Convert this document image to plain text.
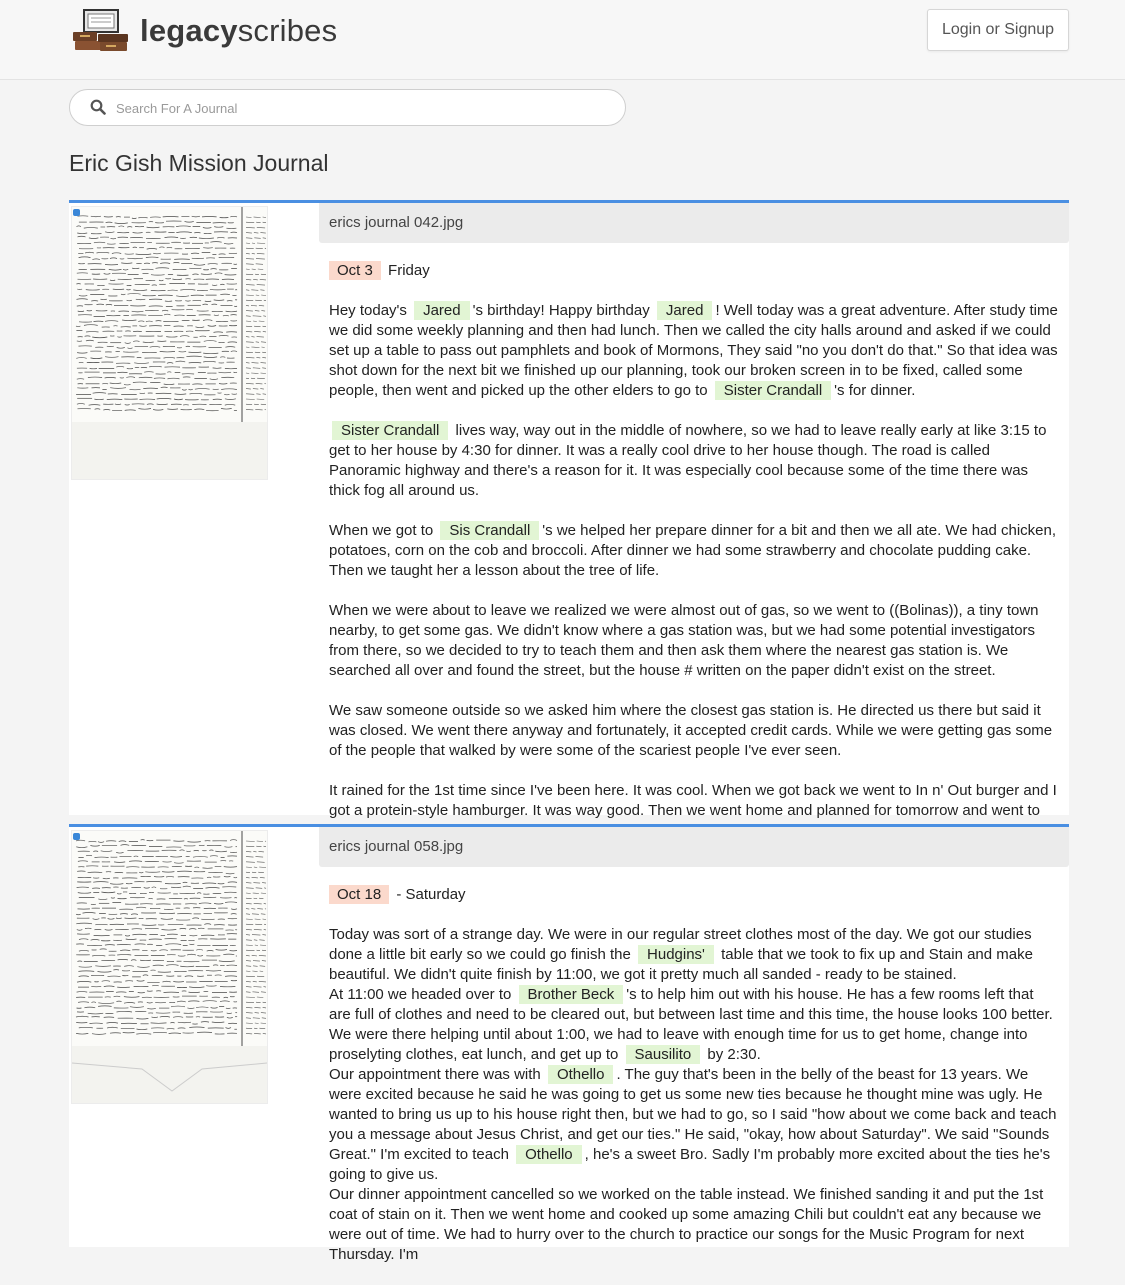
legacyscribes	Login or Signup
Search For A Journal
Eric Gish Mission Journal
erics journal 042.jpg

Oct 3 Friday

Hey today's Jared 's birthday! Happy birthday Jared ! Well today was a great adventure. After study time we did some weekly planning and then had lunch. Then we called the city halls around and asked if we could set up a table to pass out pamphlets and book of Mormons, They said "no you don't do that." So that idea was shot down for the next bit we finished up our planning, took our broken screen in to be fixed, called some people, then went and picked up the other elders to go to Sister Crandall 's for dinner.

Sister Crandall lives way, way out in the middle of nowhere, so we had to leave really early at like 3:15 to get to her house by 4:30 for dinner. It was a really cool drive to her house though. The road is called Panoramic highway and there's a reason for it. It was especially cool because some of the time there was thick fog all around us.

When we got to Sis Crandall 's we helped her prepare dinner for a bit and then we all ate. We had chicken, potatoes, corn on the cob and broccoli. After dinner we had some strawberry and chocolate pudding cake. Then we taught her a lesson about the tree of life.

When we were about to leave we realized we were almost out of gas, so we went to ((Bolinas)), a tiny town nearby, to get some gas. We didn't know where a gas station was, but we had some potential investigators from there, so we decided to try to teach them and then ask them where the nearest gas station is. We searched all over and found the street, but the house # written on the paper didn't exist on the street.

We saw someone outside so we asked him where the closest gas station is. He directed us there but said it was closed. We went there anyway and fortunately, it accepted credit cards. While we were getting gas some of the people that walked by were some of the scariest people I've ever seen.

It rained for the 1st time since I've been here. It was cool. When we got back we went to In n' Out burger and I got a protein-style hamburger. It was way good. Then we went home and planned for tomorrow and went to

erics journal 058.jpg

Oct 18 - Saturday

Today was sort of a strange day. We were in our regular street clothes most of the day. We got our studies done a little bit early so we could go finish the Hudgins' table that we took to fix up and Stain and make beautiful. We didn't quite finish by 11:00, we got it pretty much all sanded - ready to be stained.
At 11:00 we headed over to Brother Beck 's to help him out with his house. He has a few rooms left that are full of clothes and need to be cleared out, but between last time and this time, the house looks 100 better. We were there helping until about 1:00, we had to leave with enough time for us to get home, change into proselyting clothes, eat lunch, and get up to Sausilito by 2:30.
Our appointment there was with Othello . The guy that's been in the belly of the beast for 13 years. We were excited because he said he was going to get us some new ties because he thought mine was ugly. He wanted to bring us up to his house right then, but we had to go, so I said "how about we come back and teach you a message about Jesus Christ, and get our ties." He said, "okay, how about Saturday". We said "Sounds Great." I'm excited to teach Othello , he's a sweet Bro. Sadly I'm probably more excited about the ties he's going to give us.
Our dinner appointment cancelled so we worked on the table instead. We finished sanding it and put the 1st coat of stain on it. Then we went home and cooked up some amazing Chili but couldn't eat any because we were out of time. We had to hurry over to the church to practice our songs for the Music Program for next Thursday. I'm
